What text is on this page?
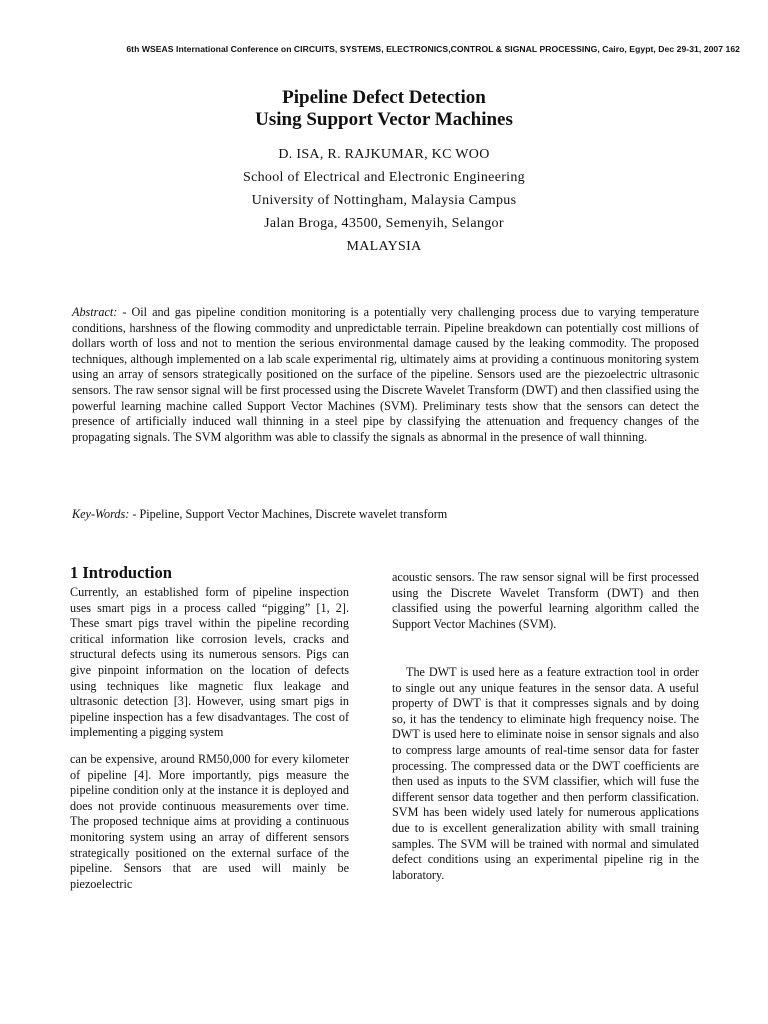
6th WSEAS International Conference on CIRCUITS, SYSTEMS, ELECTRONICS,CONTROL & SIGNAL PROCESSING, Cairo, Egypt, Dec 29-31, 2007 162
Pipeline Defect Detection
Using Support Vector Machines
D. ISA, R. RAJKUMAR, KC WOO
School of Electrical and Electronic Engineering
University of Nottingham, Malaysia Campus
Jalan Broga, 43500, Semenyih, Selangor
MALAYSIA
Abstract: - Oil and gas pipeline condition monitoring is a potentially very challenging process due to varying temperature conditions, harshness of the flowing commodity and unpredictable terrain. Pipeline breakdown can potentially cost millions of dollars worth of loss and not to mention the serious environmental damage caused by the leaking commodity. The proposed techniques, although implemented on a lab scale experimental rig, ultimately aims at providing a continuous monitoring system using an array of sensors strategically positioned on the surface of the pipeline. Sensors used are the piezoelectric ultrasonic sensors. The raw sensor signal will be first processed using the Discrete Wavelet Transform (DWT) and then classified using the powerful learning machine called Support Vector Machines (SVM). Preliminary tests show that the sensors can detect the presence of artificially induced wall thinning in a steel pipe by classifying the attenuation and frequency changes of the propagating signals. The SVM algorithm was able to classify the signals as abnormal in the presence of wall thinning.
Key-Words: - Pipeline, Support Vector Machines, Discrete wavelet transform
1 Introduction

Currently, an established form of pipeline inspection uses smart pigs in a process called “pigging” [1, 2]. These smart pigs travel within the pipeline recording critical information like corrosion levels, cracks and structural defects using its numerous sensors. Pigs can give pinpoint information on the location of defects using techniques like magnetic flux leakage and ultrasonic detection [3]. However, using smart pigs in pipeline inspection has a few disadvantages. The cost of implementing a pigging system

can be expensive, around RM50,000 for every kilometer of pipeline [4]. More importantly, pigs measure the pipeline condition only at the instance it is deployed and does not provide continuous measurements over time. The proposed technique aims at providing a continuous monitoring system using an array of different sensors strategically positioned on the external surface of the pipeline. Sensors that are used will mainly be piezoelectric

acoustic sensors. The raw sensor signal will be first processed using the Discrete Wavelet Transform (DWT) and then classified using the powerful learning algorithm called the Support Vector Machines (SVM).

The DWT is used here as a feature extraction tool in order to single out any unique features in the sensor data. A useful property of DWT is that it compresses signals and by doing so, it has the tendency to eliminate high frequency noise. The DWT is used here to eliminate noise in sensor signals and also to compress large amounts of real-time sensor data for faster processing. The compressed data or the DWT coefficients are then used as inputs to the SVM classifier, which will fuse the different sensor data together and then perform classification. SVM has been widely used lately for numerous applications due to is excellent generalization ability with small training samples. The SVM will be trained with normal and simulated defect conditions using an experimental pipeline rig in the laboratory.
